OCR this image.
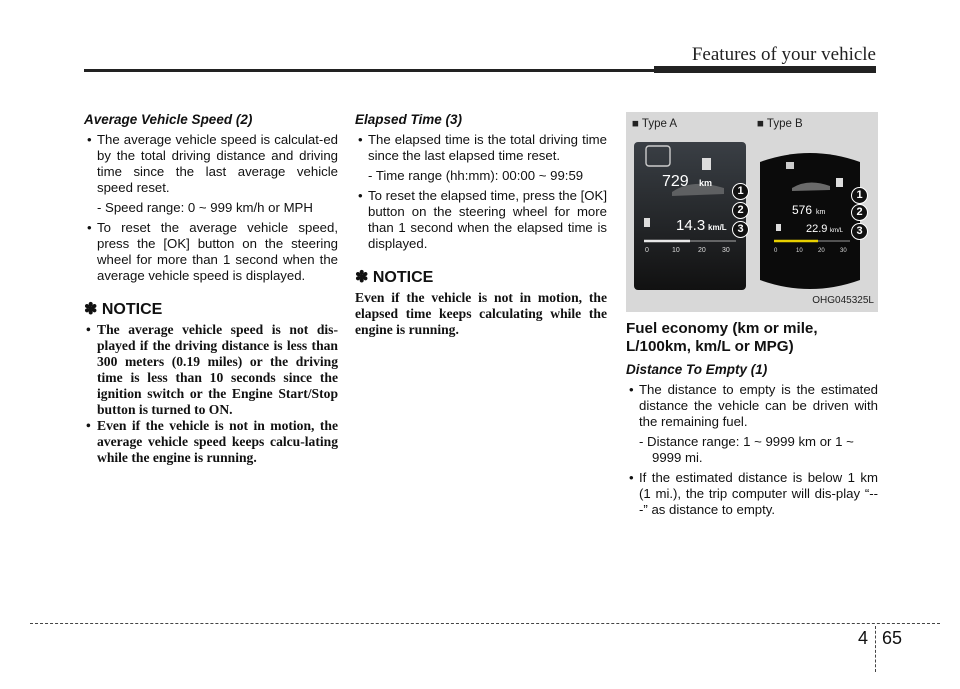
Features of your vehicle

Average Vehicle Speed (2)

• The average vehicle speed is calculat-ed by the total driving distance and driving time since the last average vehicle speed reset.

- Speed range: 0 ~ 999 km/h or MPH

• To reset the average vehicle speed, press the [OK] button on the steering wheel for more than 1 second when the average vehicle speed is displayed.

✽ NOTICE

• The average vehicle speed is not dis-played if the driving distance is less than 300 meters (0.19 miles) or the driving time is less than 10 seconds since the ignition switch or the Engine Start/Stop button is turned to ON.

• Even if the vehicle is not in motion, the average vehicle speed keeps calcu-lating while the engine is running.

Elapsed Time (3)

• The elapsed time is the total driving time since the last elapsed time reset.

- Time range (hh:mm): 00:00 ~ 99:59

• To reset the elapsed time, press the [OK] button on the steering wheel for more than 1 second when the elapsed time is displayed.

✽ NOTICE

Even if the vehicle is not in motion, the elapsed time keeps calculating while the engine is running.

■ Type A	■ Type B
729 km
14.3 km/L
0	10	20 30
576 km
22.9 km/L
0	10	20	30
1
2
3
1
2
3
OHG045325L

Fuel economy (km or mile, L/100km, km/L or MPG)

Distance To Empty (1)

• The distance to empty is the estimated distance the vehicle can be driven with the remaining fuel.

- Distance range: 1 ~ 9999 km or 1 ~ 9999 mi.

• If the estimated distance is below 1 km (1 mi.), the trip computer will dis-play “---” as distance to empty.

4 65
